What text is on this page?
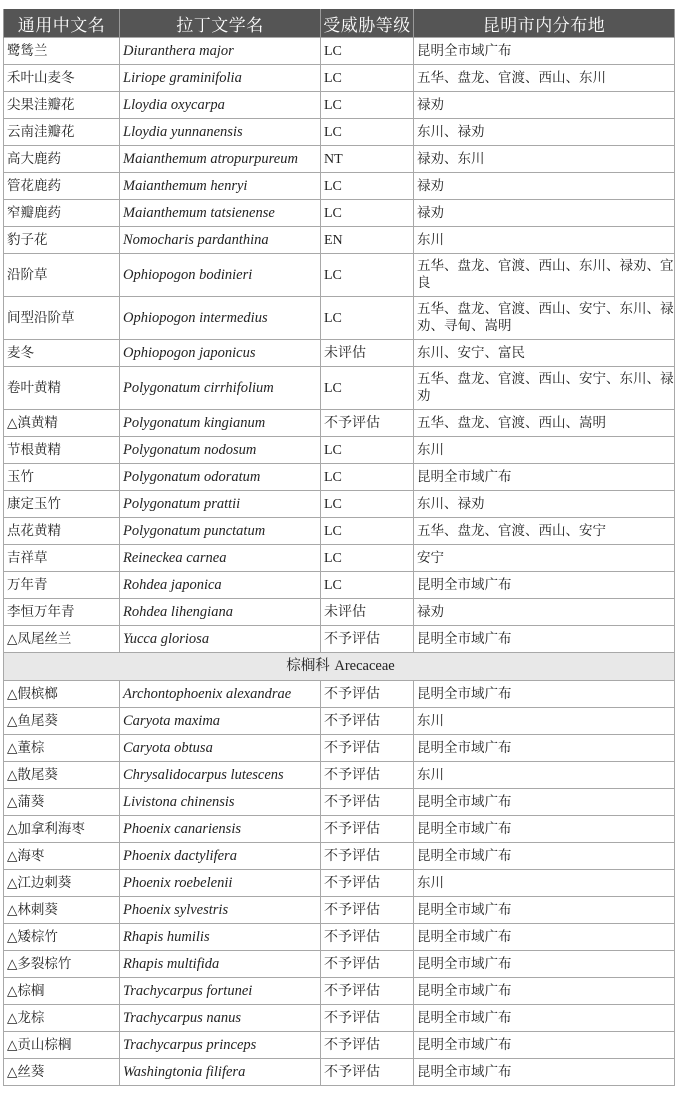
通用中文名	拉丁文学名	受威胁等级	昆明市内分布地
鹭鸶兰	Diuranthera major	LC	昆明全市域广布
禾叶山麦冬	Liriope graminifolia	LC	五华、盘龙、官渡、西山、东川
尖果洼瓣花	Lloydia oxycarpa	LC	禄劝
云南洼瓣花	Lloydia yunnanensis	LC	东川、禄劝
高大鹿药	Maianthemum atropurpureum	NT	禄劝、东川
管花鹿药	Maianthemum henryi	LC	禄劝
窄瓣鹿药	Maianthemum tatsienense	LC	禄劝
豹子花	Nomocharis pardanthina	EN	东川
沿阶草	Ophiopogon bodinieri	LC	五华、盘龙、官渡、西山、东川、禄劝、宜良
间型沿阶草	Ophiopogon intermedius	LC	五华、盘龙、官渡、西山、安宁、东川、禄劝、寻甸、嵩明
麦冬	Ophiopogon japonicus	未评估	东川、安宁、富民
卷叶黄精	Polygonatum cirrhifolium	LC	五华、盘龙、官渡、西山、安宁、东川、禄劝
△滇黄精	Polygonatum kingianum	不予评估	五华、盘龙、官渡、西山、嵩明
节根黄精	Polygonatum nodosum	LC	东川
玉竹	Polygonatum odoratum	LC	昆明全市域广布
康定玉竹	Polygonatum prattii	LC	东川、禄劝
点花黄精	Polygonatum punctatum	LC	五华、盘龙、官渡、西山、安宁
吉祥草	Reineckea carnea	LC	安宁
万年青	Rohdea japonica	LC	昆明全市域广布
李恒万年青	Rohdea lihengiana	未评估	禄劝
△凤尾丝兰	Yucca gloriosa	不予评估	昆明全市域广布
棕榈科 Arecaceae			
△假槟榔	Archontophoenix alexandrae	不予评估	昆明全市域广布
△鱼尾葵	Caryota maxima	不予评估	东川
△董棕	Caryota obtusa	不予评估	昆明全市域广布
△散尾葵	Chrysalidocarpus lutescens	不予评估	东川
△蒲葵	Livistona chinensis	不予评估	昆明全市域广布
△加拿利海枣	Phoenix canariensis	不予评估	昆明全市域广布
△海枣	Phoenix dactylifera	不予评估	昆明全市域广布
△江边刺葵	Phoenix roebelenii	不予评估	东川
△林刺葵	Phoenix sylvestris	不予评估	昆明全市域广布
△矮棕竹	Rhapis humilis	不予评估	昆明全市域广布
△多裂棕竹	Rhapis multifida	不予评估	昆明全市域广布
△棕榈	Trachycarpus fortunei	不予评估	昆明全市域广布
△龙棕	Trachycarpus nanus	不予评估	昆明全市域广布
△贡山棕榈	Trachycarpus princeps	不予评估	昆明全市域广布
△丝葵	Washingtonia filifera	不予评估	昆明全市域广布
